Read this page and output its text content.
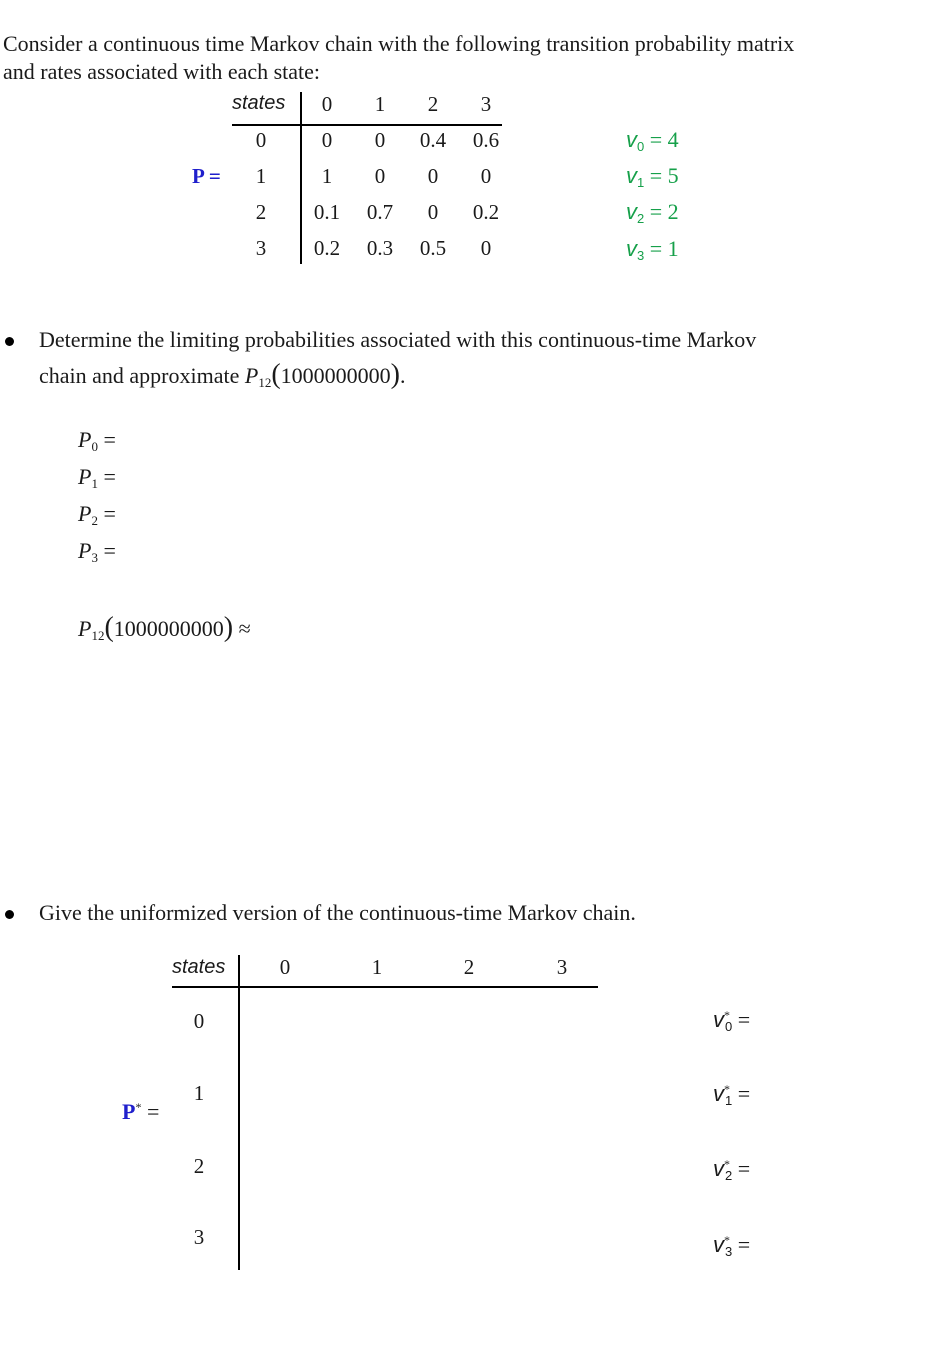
Consider a continuous time Markov chain with the following transition probability matrix
and rates associated with each state:
states	0	1	2	3
P =
0	0	0	0.4	0.6
1	1	0	0	0
2	0.1	0.7	0	0.2
3	0.2	0.3	0.5	0
$v_0 = 4$
$v_1 = 5$
$v_2 = 2$
$v_3 = 1$
Determine the limiting probabilities associated with this continuous-time Markov
chain and approximate $P_{12}(1000000000)$.
$P_0$ =
$P_1$ =
$P_2$ =
$P_3$ =
$P_{12}(1000000000)$ ≈
Give the uniformized version of the continuous-time Markov chain.
states	0	1	2	3
P* =
0
1
2
3
$v^*_0$ =
$v^*_1$ =
$v^*_2$ =
$v^*_3$ =
